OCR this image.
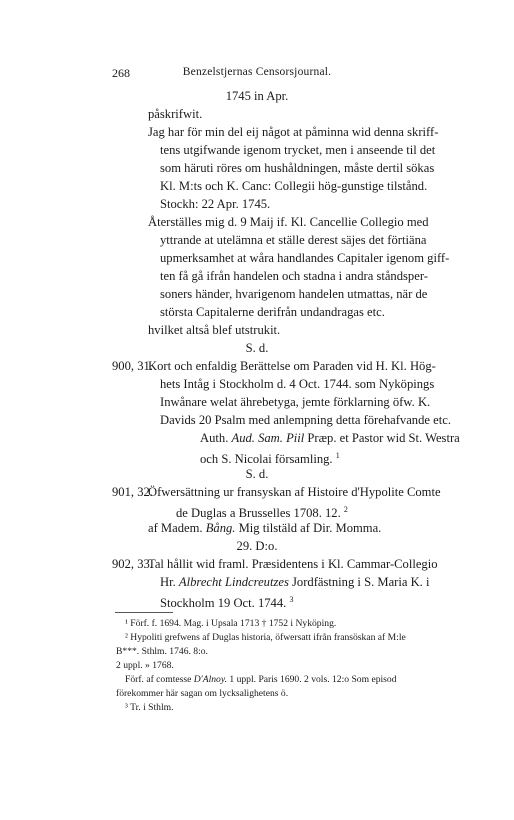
268	Benzelstjernas Censorsjournal.
1745 in Apr.
påskrifwit.
Jag har för min del eij något at påminna wid denna skriff-
tens utgifwande igenom trycket, men i anseende til det
som häruti röres om hushåldningen, måste dertil sökas
Kl. M:ts och K. Canc: Collegii hög-gunstige tilstånd.
Stockh: 22 Apr. 1745.
Återställes mig d. 9 Maij if. Kl. Cancellie Collegio med
yttrande at utelämna et ställe derest säjes det förtiäna
upmerksamhet at wåra handlandes Capitaler igenom giff-
ten få gå ifrån handelen och stadna i andra ståndsper-
soners händer, hvarigenom handelen utmattas, när de
största Capitalerne derifrån undandragas etc.
hvilket altså blef utstrukit.
S. d.
900, 31.
Kort och enfaldig Berättelse om Paraden vid H. Kl. Hög-
hets Intåg i Stockholm d. 4 Oct. 1744. som Nyköpings
Inwånare welat ährebetyga, jemte förklarning öfw. K.
Davids 20 Psalm med anlempning detta förehafvande etc.
Auth. Aud. Sam. Piil Præp. et Pastor wid St. Westra
och S. Nicolai församling. $^1$
S. d.
901, 32.
Öfwersättning ur fransyskan af Histoire d'Hypolite Comte
de Duglas a Brusselles 1708. 12. $^2$
af Madem. Bång. Mig tilstäld af Dir. Momma.
29. D:o.
902, 33.
Tal hållit wid framl. Præsidentens i Kl. Cammar-Collegio
Hr. Albrecht Lindcreutzes Jordfästning i S. Maria K. i
Stockholm 19 Oct. 1744. $^3$
¹ Förf. f. 1694. Mag. i Upsala 1713 † 1752 i Nyköping.
² Hypoliti grefwens af Duglas historia, öfwersatt ifrån fransöskan af M:le
B***. Sthlm. 1746. 8:o.
2 uppl. » 1768.
Förf. af comtesse D'Alnoy. 1 uppl. Paris 1690. 2 vols. 12:o Som episod
förekommer här sagan om lycksalighetens ö.
³ Tr. i Sthlm.
